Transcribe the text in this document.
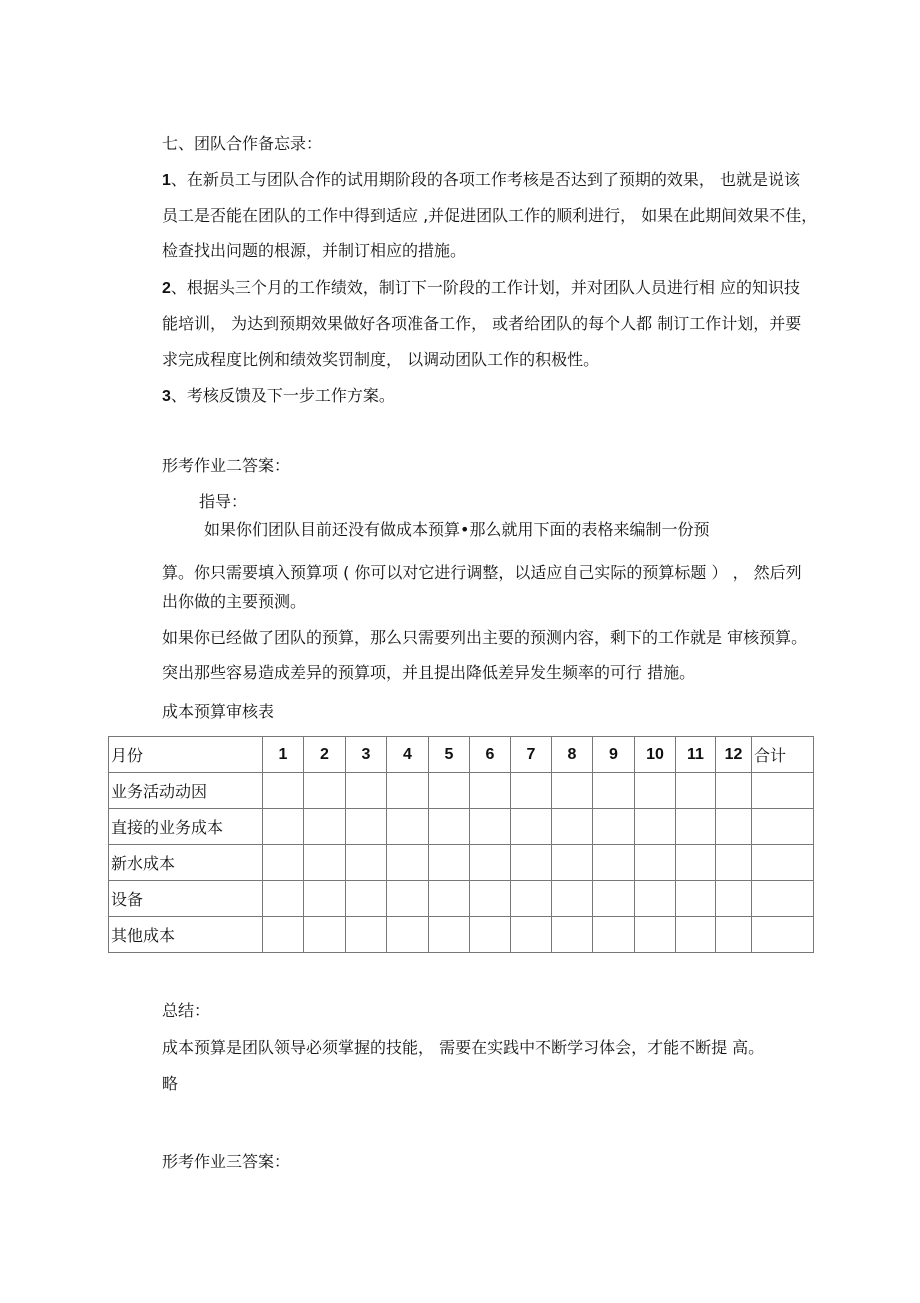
七、团队合作备忘录：
1、在新员工与团队合作的试用期阶段的各项工作考核是否达到了预期的效果， 也就是说该
员工是否能在团队的工作中得到适应 ,并促进团队工作的顺利进行， 如果在此期间效果不佳，
检查找出问题的根源，并制订相应的措施。
2、根据头三个月的工作绩效，制订下一阶段的工作计划，并对团队人员进行相 应的知识技
能培训， 为达到预期效果做好各项准备工作， 或者给团队的每个人都 制订工作计划，并要
求完成程度比例和绩效奖罚制度， 以调动团队工作的积极性。
3、考核反馈及下一步工作方案。
形考作业二答案：
指导：
如果你们团队目前还没有做成本预算•那么就用下面的表格来编制一份预
算。你只需要填入预算项 ( 你可以对它进行调整，以适应自己实际的预算标题 ） ， 然后列
出你做的主要预测。
如果你已经做了团队的预算，那么只需要列出主要的预测内容，剩下的工作就是 审核预算。
突出那些容易造成差异的预算项，并且提出降低差异发生频率的可行 措施。
成本预算审核表
月份	1	2	3	4	5	6	7	8	9	10	11	12	合计
业务活动动因													
直接的业务成本													
新水成本													
设备													
其他成本													
总结：
成本预算是团队领导必须掌握的技能， 需要在实践中不断学习体会，才能不断提 高。
略
形考作业三答案：
